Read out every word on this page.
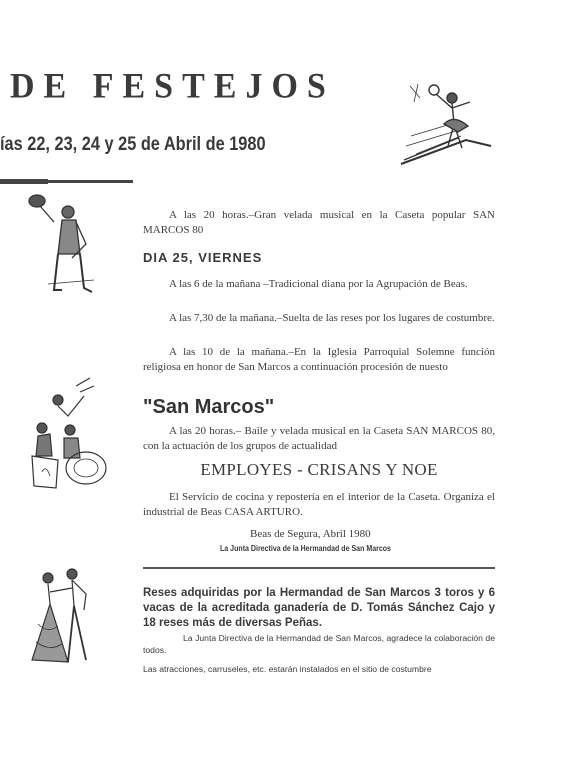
DE FESTEJOS
ías 22, 23, 24 y 25 de Abril de 1980
A las 20 horas.–Gran velada musical en la Caseta popular SAN MARCOS 80
DIA 25, VIERNES
A las 6 de la mañana –Tradicional diana por la Agrupación de Beas.
A las 7,30 de la mañana.–Suelta de las reses por los lugares de costumbre.
A las 10 de la mañana.–En la Iglesia Parroquial Solemne función religiosa en honor de San Marcos a continuación procesión de nuesto
"San Marcos"
A las 20 horas.– Baile y velada musical en la Caseta SAN MARCOS 80, con la actuación de los grupos de actualidad
EMPLOYES - CRISANS Y NOE
El Servicio de cocina y repostería en el interior de la Caseta. Organiza el industrial de Beas CASA ARTURO.
Beas de Segura, Abril 1980
La Junta Directiva de la Hermandad de San Marcos
Reses adquiridas por la Hermandad de San Marcos 3 toros y 6 vacas de la acreditada ganadería de D. Tomás Sánchez Cajo y 18 reses más de diversas Peñas.
La Junta Directiva de la Hermandad de San Marcos, agradece la colaboración de todos.
Las atracciones, carruseles, etc. estarán instalados en el sitio de costumbre
